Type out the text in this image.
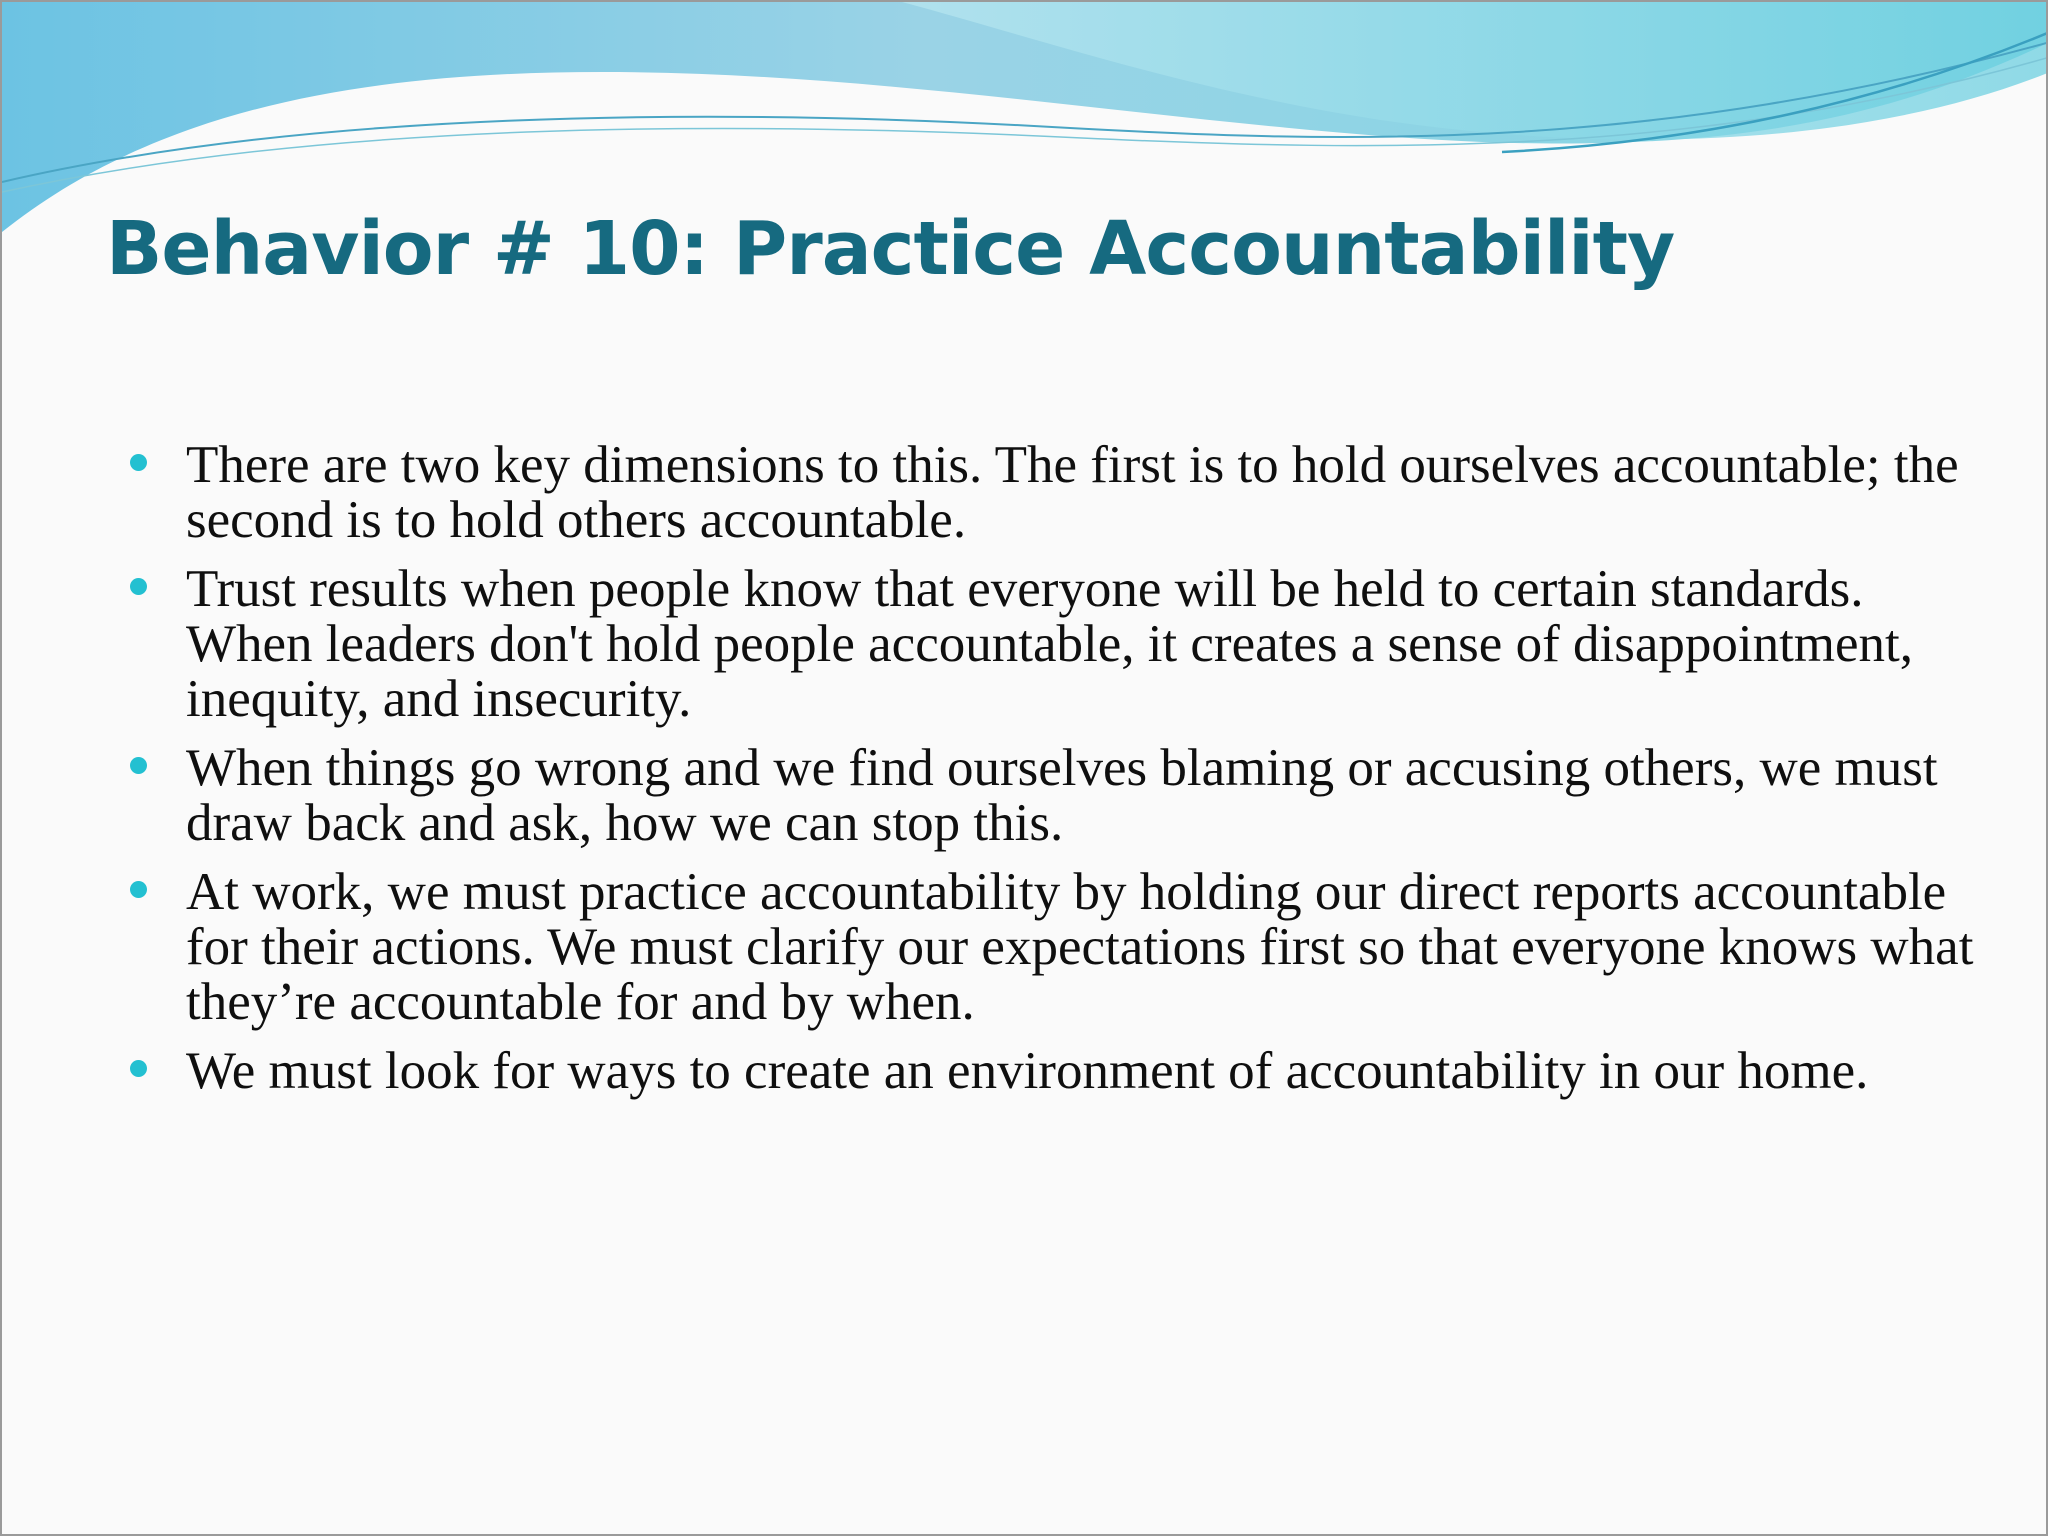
Behavior # 10: Practice Accountability
There are two key dimensions to this. The first is to hold ourselves accountable; the second is to hold others accountable.
Trust results when people know that everyone will be held to certain standards. When leaders don't hold people accountable, it creates a sense of disappointment, inequity, and insecurity.
When things go wrong and we find ourselves blaming or accusing others, we must draw back and ask, how we can stop this.
At work, we must practice accountability by holding our direct reports accountable for their actions. We must clarify our expectations first so that everyone knows what they’re accountable for and by when.
We must look for ways to create an environment of accountability in our home.
